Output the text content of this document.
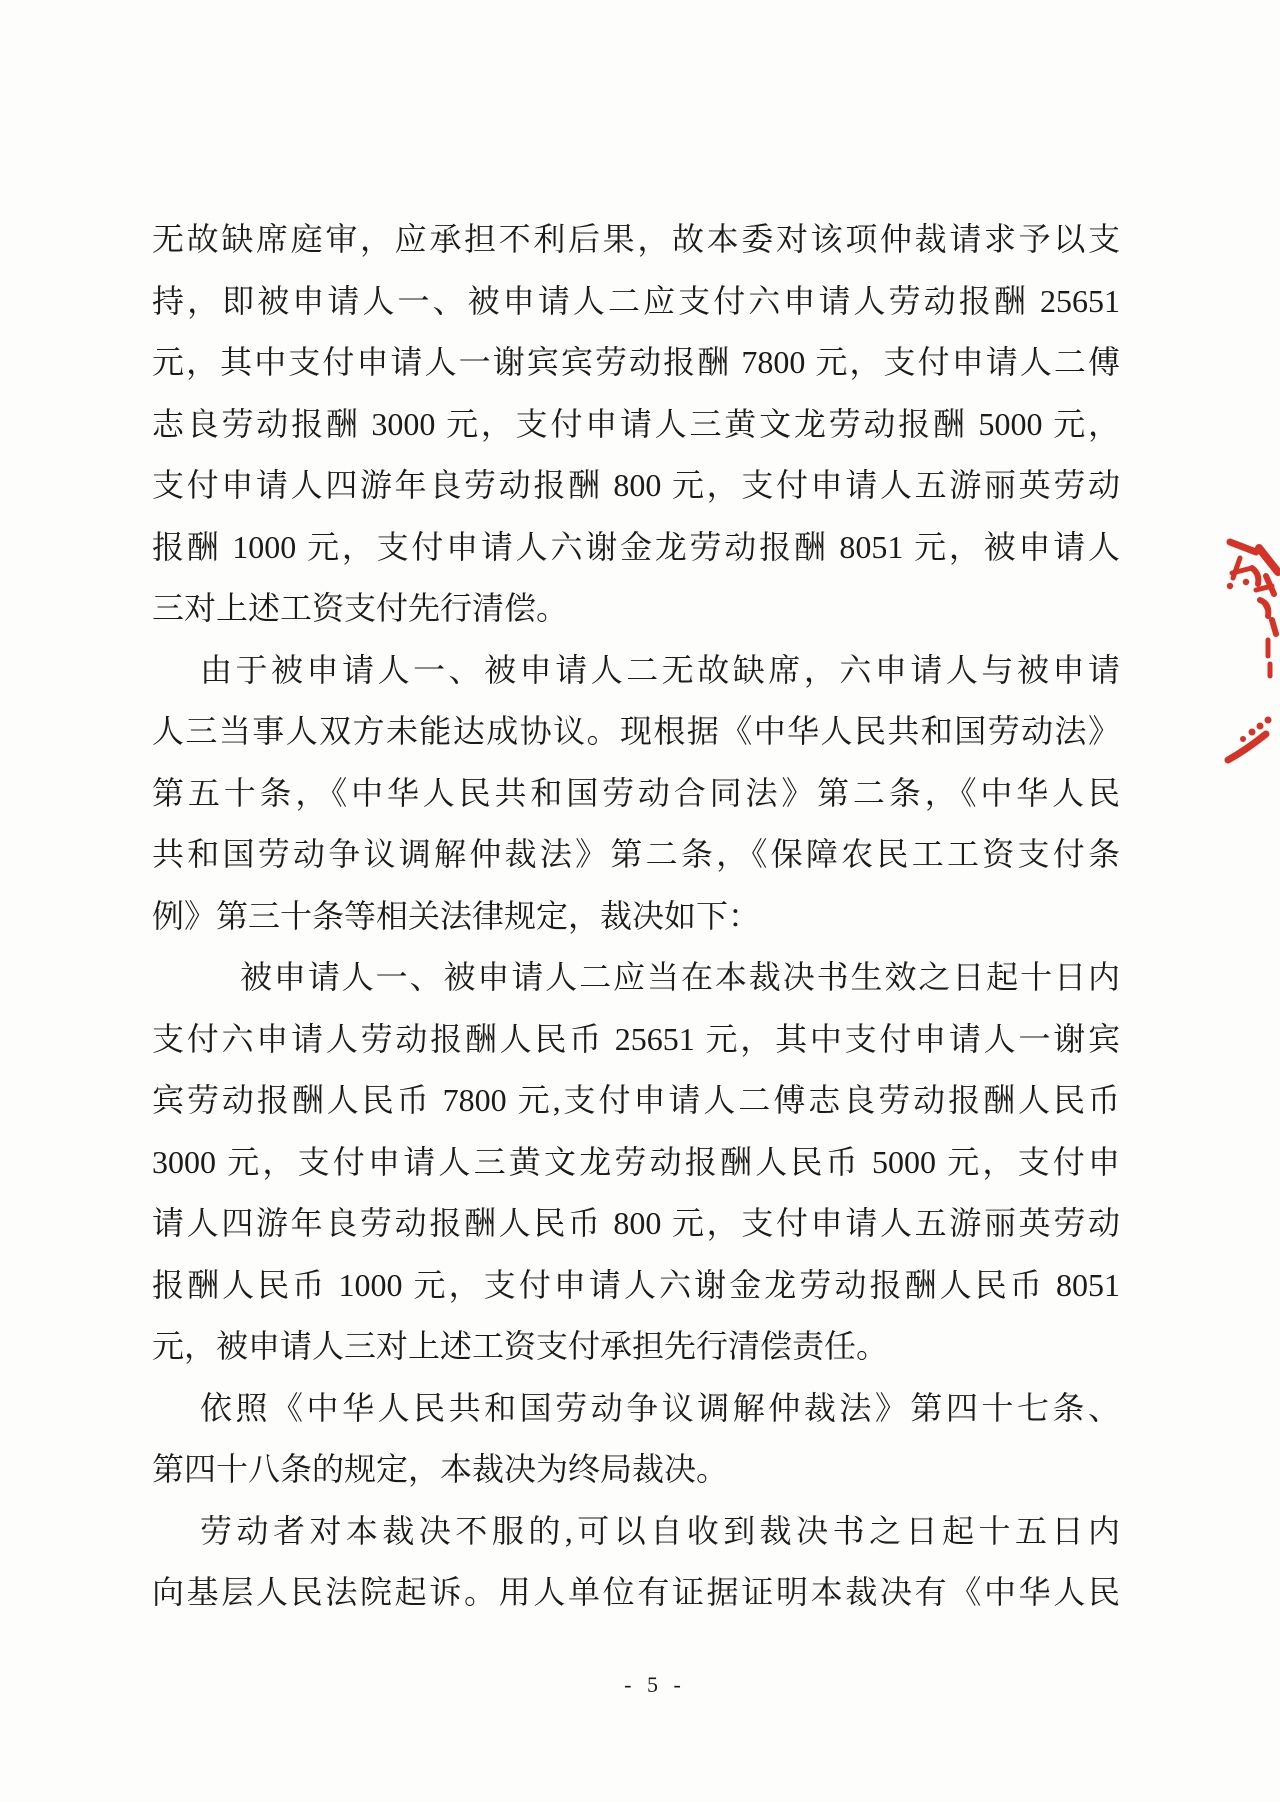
无故缺席庭审，应承担不利后果，故本委对该项仲裁请求予以支
持，即被申请人一、被申请人二应支付六申请人劳动报酬 25651
元，其中支付申请人一谢宾宾劳动报酬 7800 元，支付申请人二傅
志良劳动报酬 3000 元，支付申请人三黄文龙劳动报酬 5000 元，
支付申请人四游年良劳动报酬 800 元，支付申请人五游丽英劳动
报酬 1000 元，支付申请人六谢金龙劳动报酬 8051 元，被申请人
三对上述工资支付先行清偿。
由于被申请人一、被申请人二无故缺席，六申请人与被申请
人三当事人双方未能达成协议。现根据《中华人民共和国劳动法》
第五十条，《中华人民共和国劳动合同法》第二条，《中华人民
共和国劳动争议调解仲裁法》第二条，《保障农民工工资支付条
例》第三十条等相关法律规定，裁决如下：
被申请人一、被申请人二应当在本裁决书生效之日起十日内
支付六申请人劳动报酬人民币 25651 元，其中支付申请人一谢宾
宾劳动报酬人民币 7800 元,支付申请人二傅志良劳动报酬人民币
3000 元，支付申请人三黄文龙劳动报酬人民币 5000 元，支付申
请人四游年良劳动报酬人民币 800 元，支付申请人五游丽英劳动
报酬人民币 1000 元，支付申请人六谢金龙劳动报酬人民币 8051
元，被申请人三对上述工资支付承担先行清偿责任。
依照《中华人民共和国劳动争议调解仲裁法》第四十七条、
第四十八条的规定，本裁决为终局裁决。
劳动者对本裁决不服的,可以自收到裁决书之日起十五日内
向基层人民法院起诉。用人单位有证据证明本裁决有《中华人民
- 5 -
